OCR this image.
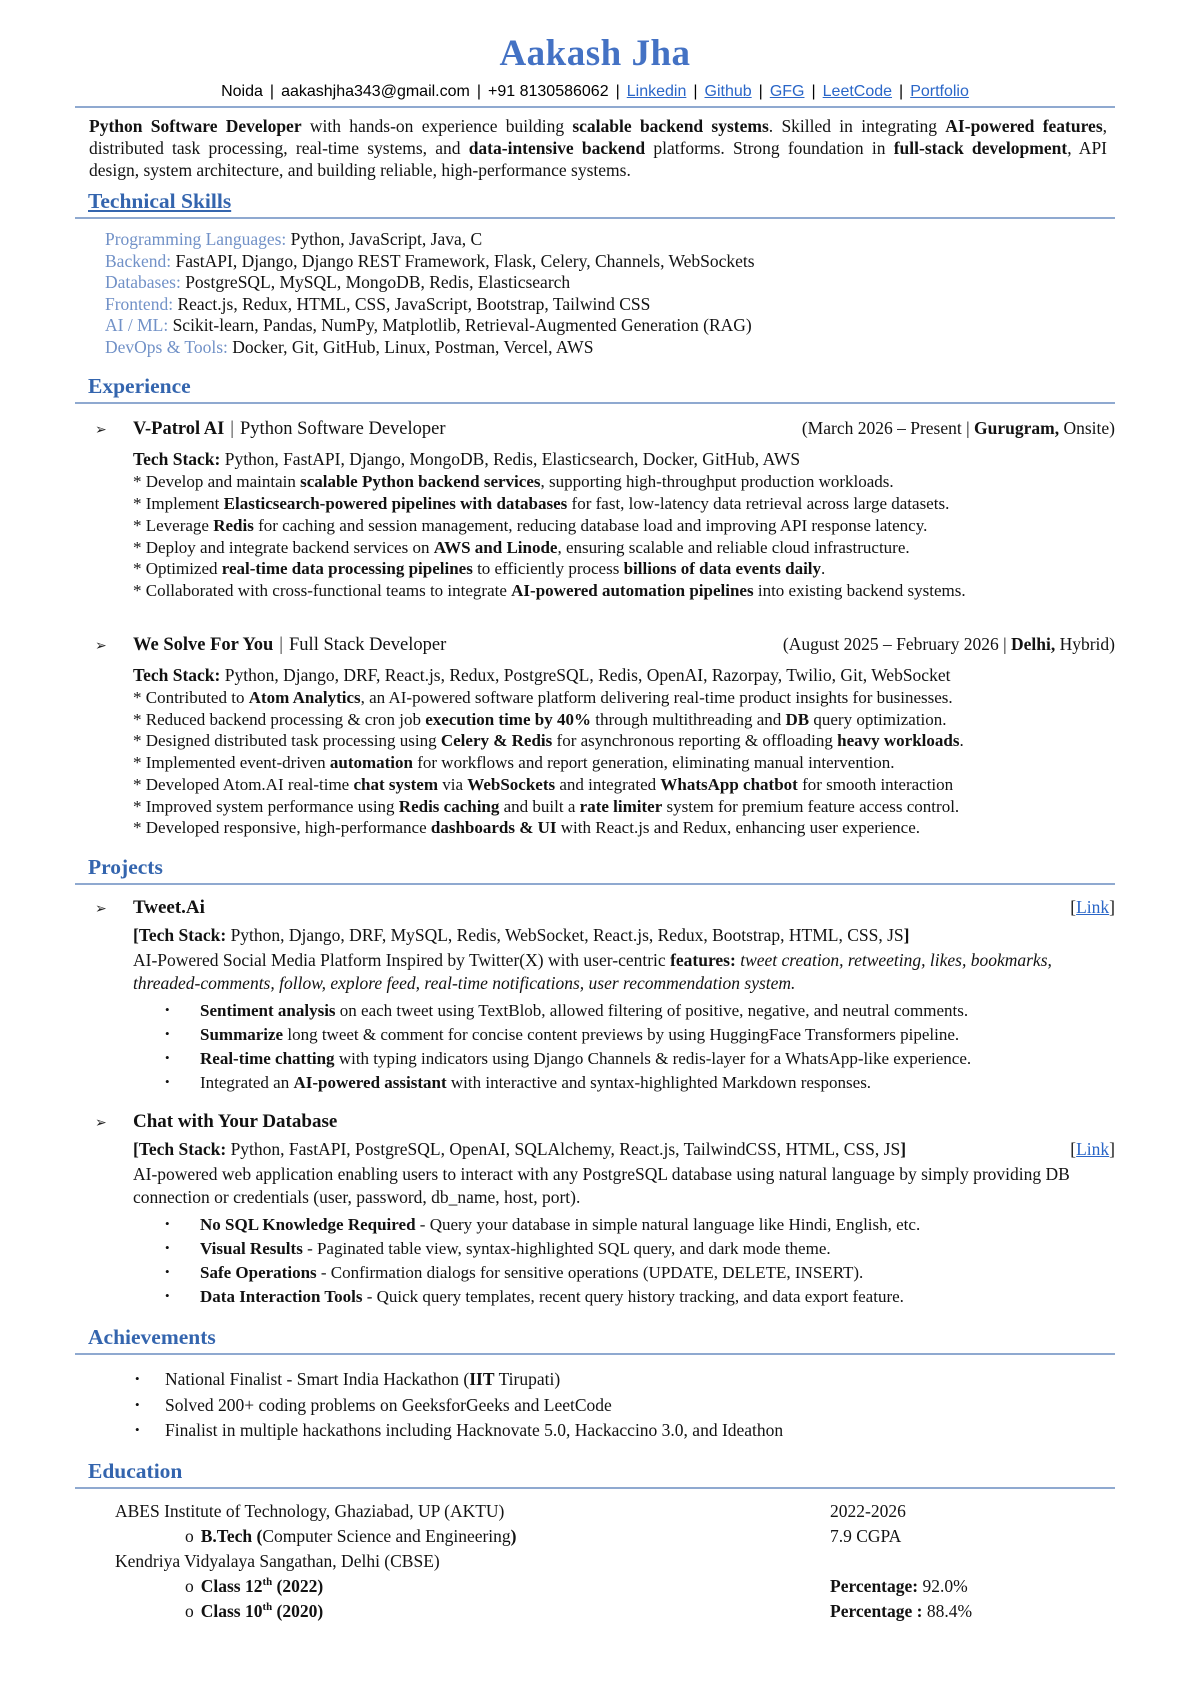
Aakash Jha
Noida | aakashjha343@gmail.com | +91 8130586062 | Linkedin | Github | GFG | LeetCode | Portfolio
Python Software Developer with hands-on experience building scalable backend systems. Skilled in integrating AI-powered features, distributed task processing, real-time systems, and data-intensive backend platforms. Strong foundation in full-stack development, API design, system architecture, and building reliable, high-performance systems.
Technical Skills
Programming Languages: Python, JavaScript, Java, C
Backend: FastAPI, Django, Django REST Framework, Flask, Celery, Channels, WebSockets
Databases: PostgreSQL, MySQL, MongoDB, Redis, Elasticsearch
Frontend: React.js, Redux, HTML, CSS, JavaScript, Bootstrap, Tailwind CSS
AI / ML: Scikit-learn, Pandas, NumPy, Matplotlib, Retrieval-Augmented Generation (RAG)
DevOps & Tools: Docker, Git, GitHub, Linux, Postman, Vercel, AWS
Experience
➢	V-Patrol AI | Python Software Developer	(March 2026 – Present | Gurugram, Onsite)
Tech Stack: Python, FastAPI, Django, MongoDB, Redis, Elasticsearch, Docker, GitHub, AWS

* Develop and maintain scalable Python backend services, supporting high-throughput production workloads.

* Implement Elasticsearch-powered pipelines with databases for fast, low-latency data retrieval across large datasets.

* Leverage Redis for caching and session management, reducing database load and improving API response latency.

* Deploy and integrate backend services on AWS and Linode, ensuring scalable and reliable cloud infrastructure.

* Optimized real-time data processing pipelines to efficiently process billions of data events daily.

* Collaborated with cross-functional teams to integrate AI-powered automation pipelines into existing backend systems.

➢	We Solve For You | Full Stack Developer	(August 2025 – February 2026 | Delhi, Hybrid)
Tech Stack: Python, Django, DRF, React.js, Redux, PostgreSQL, Redis, OpenAI, Razorpay, Twilio, Git, WebSocket

* Contributed to Atom Analytics, an AI-powered software platform delivering real-time product insights for businesses.

* Reduced backend processing & cron job execution time by 40% through multithreading and DB query optimization.

* Designed distributed task processing using Celery & Redis for asynchronous reporting & offloading heavy workloads.

* Implemented event-driven automation for workflows and report generation, eliminating manual intervention.

* Developed Atom.AI real-time chat system via WebSockets and integrated WhatsApp chatbot for smooth interaction

* Improved system performance using Redis caching and built a rate limiter system for premium feature access control.

* Developed responsive, high-performance dashboards & UI with React.js and Redux, enhancing user experience.

Projects
➢	Tweet.Ai	[Link]
[Tech Stack: Python, Django, DRF, MySQL, Redis, WebSocket, React.js, Redux, Bootstrap, HTML, CSS, JS]
AI-Powered Social Media Platform Inspired by Twitter(X) with user-centric features: tweet creation, retweeting, likes, bookmarks, threaded-comments, follow, explore feed, real-time notifications, user recommendation system.
•	Sentiment analysis on each tweet using TextBlob, allowed filtering of positive, negative, and neutral comments.
•	Summarize long tweet & comment for concise content previews by using HuggingFace Transformers pipeline.
•	Real-time chatting with typing indicators using Django Channels & redis-layer for a WhatsApp-like experience.
•	Integrated an AI-powered assistant with interactive and syntax-highlighted Markdown responses.
➢	Chat with Your Database
[Tech Stack: Python, FastAPI, PostgreSQL, OpenAI, SQLAlchemy, React.js, TailwindCSS, HTML, CSS, JS]	[Link]
AI-powered web application enabling users to interact with any PostgreSQL database using natural language by simply providing DB connection or credentials (user, password, db_name, host, port).
•	No SQL Knowledge Required - Query your database in simple natural language like Hindi, English, etc.
•	Visual Results - Paginated table view, syntax-highlighted SQL query, and dark mode theme.
•	Safe Operations - Confirmation dialogs for sensitive operations (UPDATE, DELETE, INSERT).
•	Data Interaction Tools - Quick query templates, recent query history tracking, and data export feature.
Achievements
•	National Finalist - Smart India Hackathon (IIT Tirupati)
•	Solved 200+ coding problems on GeeksforGeeks and LeetCode
•	Finalist in multiple hackathons including Hacknovate 5.0, Hackaccino 3.0, and Ideathon
Education
ABES Institute of Technology, Ghaziabad, UP (AKTU)	2022-2026
o B.Tech (Computer Science and Engineering)	7.9 CGPA
Kendriya Vidyalaya Sangathan, Delhi (CBSE)
o Class 12th (2022)	Percentage: 92.0%
o Class 10th (2020)	Percentage : 88.4%
